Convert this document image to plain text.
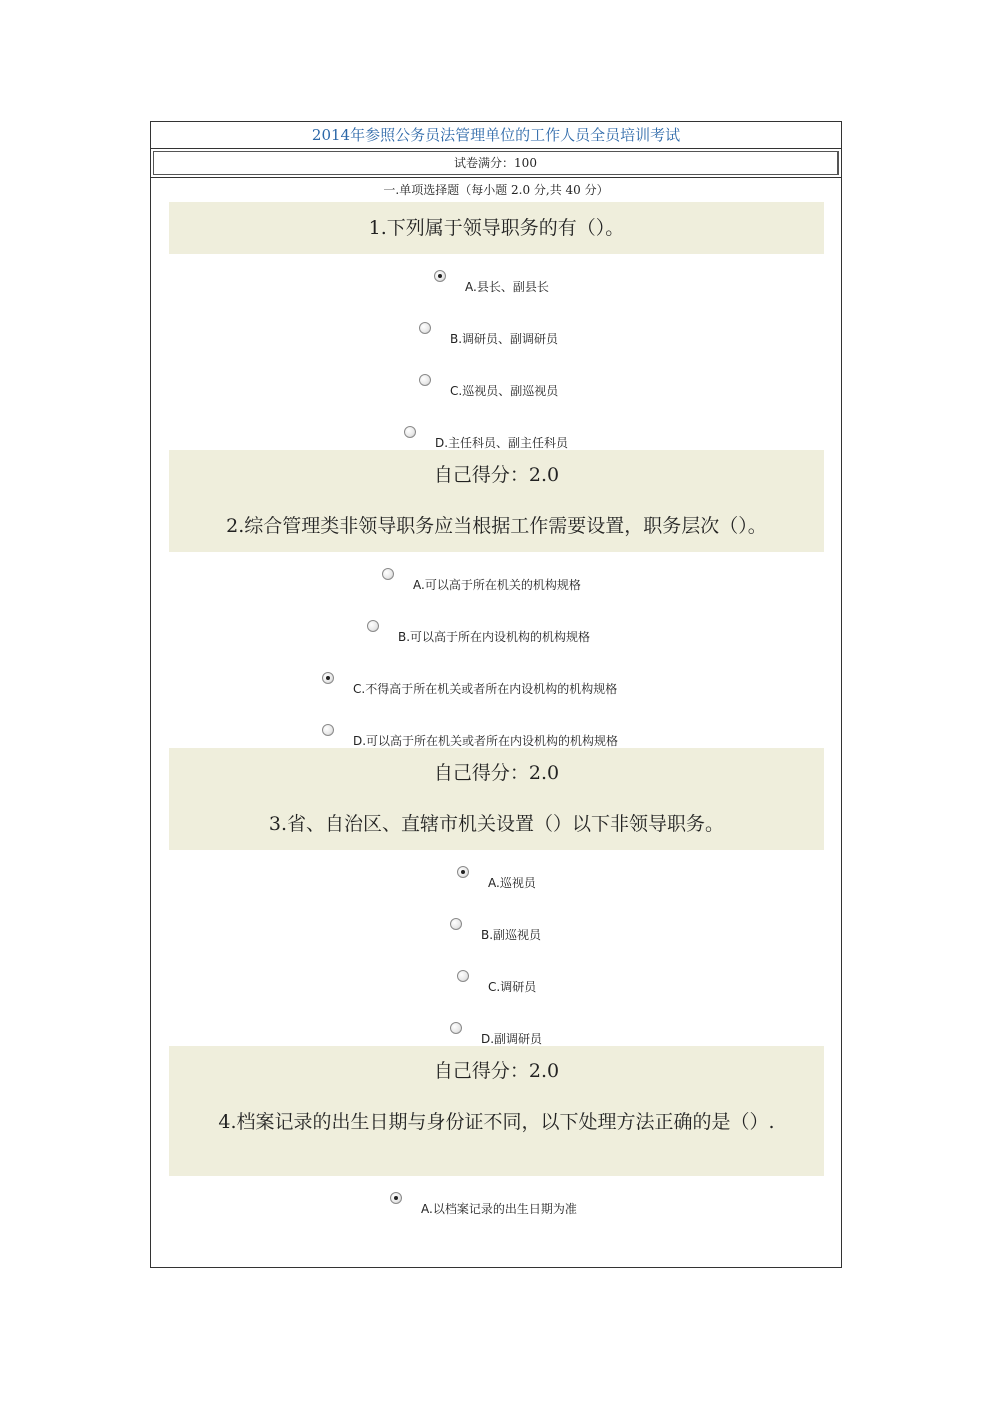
2014年参照公务员法管理单位的工作人员全员培训考试
试卷满分：100
一.单项选择题（每小题 2.0 分,共 40 分）
1.下列属于领导职务的有（）。
A.县长、副县长
B.调研员、副调研员
C.巡视员、副巡视员
D.主任科员、副主任科员
自己得分：2.0
2.综合管理类非领导职务应当根据工作需要设置，职务层次（）。
A.可以高于所在机关的机构规格
B.可以高于所在内设机构的机构规格
C.不得高于所在机关或者所在内设机构的机构规格
D.可以高于所在机关或者所在内设机构的机构规格
自己得分：2.0
3.省、自治区、直辖市机关设置（）以下非领导职务。
A.巡视员
B.副巡视员
C.调研员
D.副调研员
自己得分：2.0
4.档案记录的出生日期与身份证不同，以下处理方法正确的是（）.
A.以档案记录的出生日期为准
